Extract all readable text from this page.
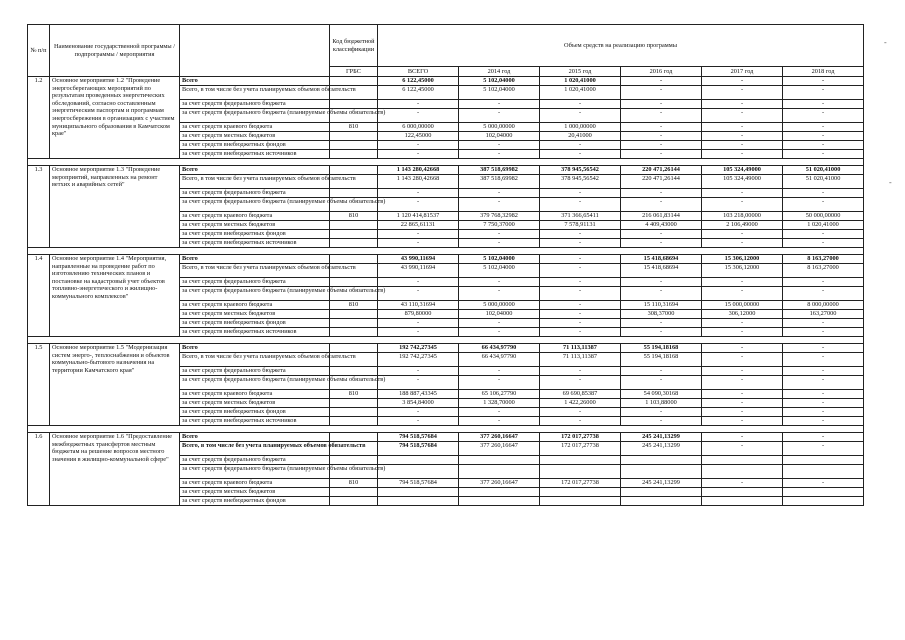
-
-
№ п/п	Наименование государственной программы / подпрограммы / мероприятия		Код бюджетной классификации	Объем средств на реализацию программы					
			ГРБС	ВСЕГО	2014 год	2015 год	2016 год	2017 год	2018 год
1.2	Основное мероприятие 1.2 "Проведение энергосберегающих мероприятий по результатам проведенных энергетических обследований, согласно составленным энергетическим паспортам и программам энергосбережения в организациях с участием муниципального образования в Камчатском крае"	Всего		6 122,45000	5 102,04000	1 020,41000	-	-	-
		Всего, в том числе без учета планируемых объемов обязательств		6 122,45000	5 102,04000	1 020,41000	-	-	-
		за счет средств федерального бюджета		-	-	-	-	-	-
		за счет средств федерального бюджета (планируемые объемы обязательств)		-	-	-	-	-	-
		за счет средств краевого бюджета	810	6 000,00000	5 000,00000	1 000,00000	-	-	-
		за счет средств местных бюджетов		122,45000	102,04000	20,41000	-	-	-
		за счет средств внебюджетных фондов		-	-	-	-	-	-
		за счет средств внебюджетных источников		-	-	-	-	-	-

1.3	Основное мероприятие 1.3 "Проведение мероприятий, направленных на ремонт ветхих и аварийных сетей"	Всего		1 143 280,42668	387 518,69982	378 945,56542	220 471,26144	105 324,49000	51 020,41000
		Всего, в том числе без учета планируемых объемов обязательств		1 143 280,42668	387 518,69982	378 945,56542	220 471,26144	105 324,49000	51 020,41000
		за счет средств федерального бюджета		-	-	-	-	-	-
		за счет средств федерального бюджета (планируемые объемы обязательств)		-	-	-	-	-	-
		за счет средств краевого бюджета	810	1 120 414,81537	379 768,32982	371 366,65411	216 061,83144	103 218,00000	50 000,00000
		за счет средств местных бюджетов		22 865,61131	7 750,37000	7 578,91131	4 409,43000	2 106,49000	1 020,41000
		за счет средств внебюджетных фондов		-	-	-	-	-	-
		за счет средств внебюджетных источников		-	-	-	-	-	-

1.4	Основное мероприятие 1.4 "Мероприятия, направленные на проведение работ по изготовлению технических планов и постановке на кадастровый учет объектов топливно-энергетического и жилищно-коммунального комплексов"	Всего		43 990,11694	5 102,04000	-	15 418,68694	15 306,12000	8 163,27000
		Всего, в том числе без учета планируемых объемов обязательств		43 990,11694	5 102,04000	-	15 418,68694	15 306,12000	8 163,27000
		за счет средств федерального бюджета		-	-	-	-	-	-
		за счет средств федерального бюджета (планируемые объемы обязательств)		-	-	-	-	-	-
		за счет средств краевого бюджета	810	43 110,31694	5 000,00000	-	15 110,31694	15 000,00000	8 000,00000
		за счет средств местных бюджетов		879,80000	102,04000	-	308,37000	306,12000	163,27000
		за счет средств внебюджетных фондов		-	-	-	-	-	-
		за счет средств внебюджетных источников		-	-	-	-	-	-

1.5	Основное мероприятие 1.5 "Модернизация систем энерго-, теплоснабжения и объектов коммунально-бытового назначения на территории Камчатского края"	Всего		192 742,27345	66 434,97790	71 113,11387	55 194,18168	-	-
		Всего, в том числе без учета планируемых объемов обязательств		192 742,27345	66 434,97790	71 113,11387	55 194,18168	-	-
		за счет средств федерального бюджета		-	-	-	-	-	-
		за счет средств федерального бюджета (планируемые объемы обязательств)		-	-	-	-	-	-
		за счет средств краевого бюджета	810	188 887,43345	65 106,27790	69 690,85387	54 090,30168	-	-
		за счет средств местных бюджетов		3 854,84000	1 328,70000	1 422,26000	1 103,88000	-	-
		за счет средств внебюджетных фондов		-	-	-	-	-	-
		за счет средств внебюджетных источников		-	-	-	-	-	-

1.6	Основное мероприятие 1.6 "Предоставление межбюджетных трансфертов местным бюджетам на решение вопросов местного значения в жилищно-коммунальной сфере"	Всего		794 518,57684	377 260,16647	172 017,27738	245 241,13299	-	-
		Всего, в том числе без учета планируемых объемов обязательств		794 518,57684	377 260,16647	172 017,27738	245 241,13299	-	-
		за счет средств федерального бюджета							
		за счет средств федерального бюджета (планируемые объемы обязательств)							
		за счет средств краевого бюджета	810	794 518,57684	377 260,16647	172 017,27738	245 241,13299	-	-
		за счет средств местных бюджетов							
		за счет средств внебюджетных фондов							
